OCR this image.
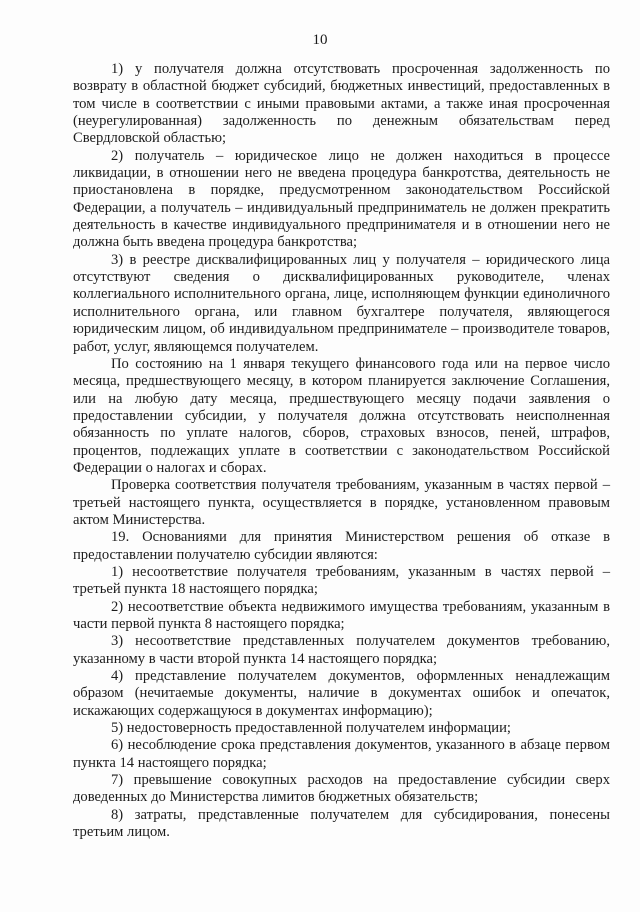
10

1) у получателя должна отсутствовать просроченная задолженность по возврату в областной бюджет субсидий, бюджетных инвестиций, предоставленных в том числе в соответствии с иными правовыми актами, а также иная просроченная (неурегулированная) задолженность по денежным обязательствам перед Свердловской областью;

2) получатель – юридическое лицо не должен находиться в процессе ликвидации, в отношении него не введена процедура банкротства, деятельность не приостановлена в порядке, предусмотренном законодательством Российской Федерации, а получатель – индивидуальный предприниматель не должен прекратить деятельность в качестве индивидуального предпринимателя и в отношении него не должна быть введена процедура банкротства;

3) в реестре дисквалифицированных лиц у получателя – юридического лица отсутствуют сведения о дисквалифицированных руководителе, членах коллегиального исполнительного органа, лице, исполняющем функции единоличного исполнительного органа, или главном бухгалтере получателя, являющегося юридическим лицом, об индивидуальном предпринимателе – производителе товаров, работ, услуг, являющемся получателем.

По состоянию на 1 января текущего финансового года или на первое число месяца, предшествующего месяцу, в котором планируется заключение Соглашения, или на любую дату месяца, предшествующего месяцу подачи заявления о предоставлении субсидии, у получателя должна отсутствовать неисполненная обязанность по уплате налогов, сборов, страховых взносов, пеней, штрафов, процентов, подлежащих уплате в соответствии с законодательством Российской Федерации о налогах и сборах.

Проверка соответствия получателя требованиям, указанным в частях первой – третьей настоящего пункта, осуществляется в порядке, установленном правовым актом Министерства.

19. Основаниями для принятия Министерством решения об отказе в предоставлении получателю субсидии являются:

1) несоответствие получателя требованиям, указанным в частях первой – третьей пункта 18 настоящего порядка;

2) несоответствие объекта недвижимого имущества требованиям, указанным в части первой пункта 8 настоящего порядка;

3) несоответствие представленных получателем документов требованию, указанному в части второй пункта 14 настоящего порядка;

4) представление получателем документов, оформленных ненадлежащим образом (нечитаемые документы, наличие в документах ошибок и опечаток, искажающих содержащуюся в документах информацию);

5) недостоверность предоставленной получателем информации;

6) несоблюдение срока представления документов, указанного в абзаце первом пункта 14 настоящего порядка;

7) превышение совокупных расходов на предоставление субсидии сверх доведенных до Министерства лимитов бюджетных обязательств;

8) затраты, представленные получателем для субсидирования, понесены третьим лицом.
